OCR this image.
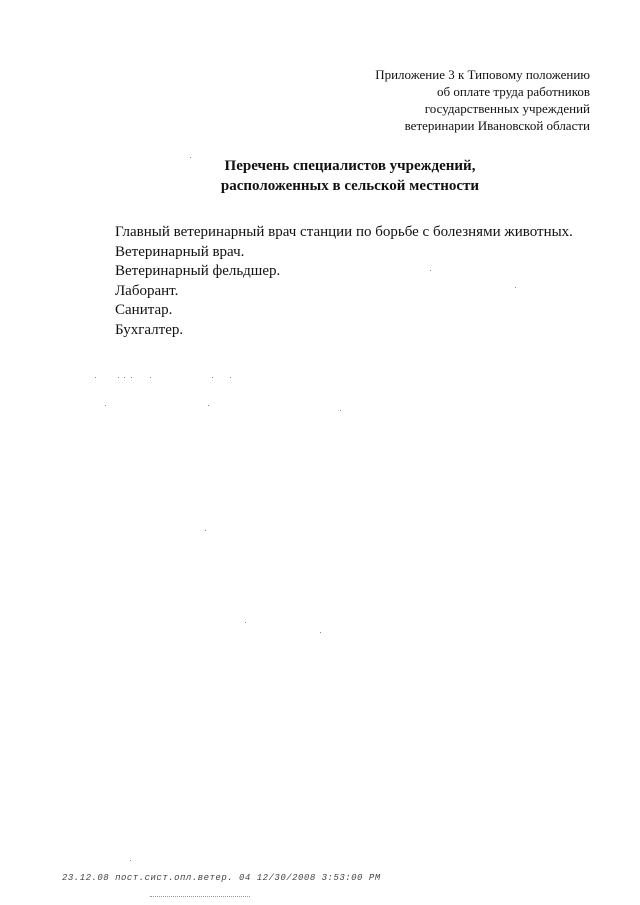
Приложение 3 к Типовому положению
об оплате труда работников
государственных учреждений
ветеринарии Ивановской области
Перечень специалистов учреждений,
расположенных в сельской местности
Главный ветеринарный врач станции по борьбе с болезнями животных.
Ветеринарный врач.
Ветеринарный фельдшер.
Лаборант.
Санитар.
Бухгалтер.
23.12.08 пост.сист.опл.ветер. 04 12/30/2008 3:53:00 PM
